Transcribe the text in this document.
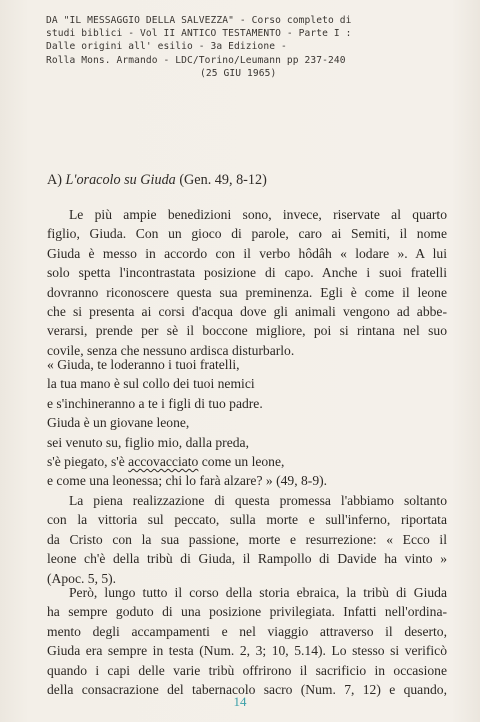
DA "IL MESSAGGIO DELLA SALVEZZA" - Corso completo di
studi biblici - Vol II ANTICO TESTAMENTO - Parte I :
Dalle origini all' esilio - 3a Edizione -
Rolla Mons. Armando - LDC/Torino/Leumann pp 237-240
(25 GIU 1965)
A) L'oracolo su Giuda (Gen. 49, 8-12)
Le più ampie benedizioni sono, invece, riservate al quarto
figlio, Giuda. Con un gioco di parole, caro ai Semiti, il nome
Giuda è messo in accordo con il verbo hôdâh « lodare ». A lui
solo spetta l'incontrastata posizione di capo. Anche i suoi fratelli
dovranno riconoscere questa sua preminenza. Egli è come il leone
che si presenta ai corsi d'acqua dove gli animali vengono ad abbe-
verarsi, prende per sè il boccone migliore, poi si rintana nel suo
covile, senza che nessuno ardisca disturbarlo.
« Giuda, te loderanno i tuoi fratelli,
la tua mano è sul collo dei tuoi nemici
e s'inchineranno a te i figli di tuo padre.
Giuda è un giovane leone,
sei venuto su, figlio mio, dalla preda,
s'è piegato, s'è accovacciato come un leone,
e come una leonessa; chi lo farà alzare? » (49, 8-9).
La piena realizzazione di questa promessa l'abbiamo soltanto
con la vittoria sul peccato, sulla morte e sull'inferno, riportata
da Cristo con la sua passione, morte e resurrezione: « Ecco il
leone ch'è della tribù di Giuda, il Rampollo di Davide ha vinto »
(Apoc. 5, 5).
Però, lungo tutto il corso della storia ebraica, la tribù di Giuda
ha sempre goduto di una posizione privilegiata. Infatti nell'ordina-
mento degli accampamenti e nel viaggio attraverso il deserto,
Giuda era sempre in testa (Num. 2, 3; 10, 5.14). Lo stesso si verificò
quando i capi delle varie tribù offrirono il sacrificio in occasione
della consacrazione del tabernacolo sacro (Num. 7, 12) e quando,
14
